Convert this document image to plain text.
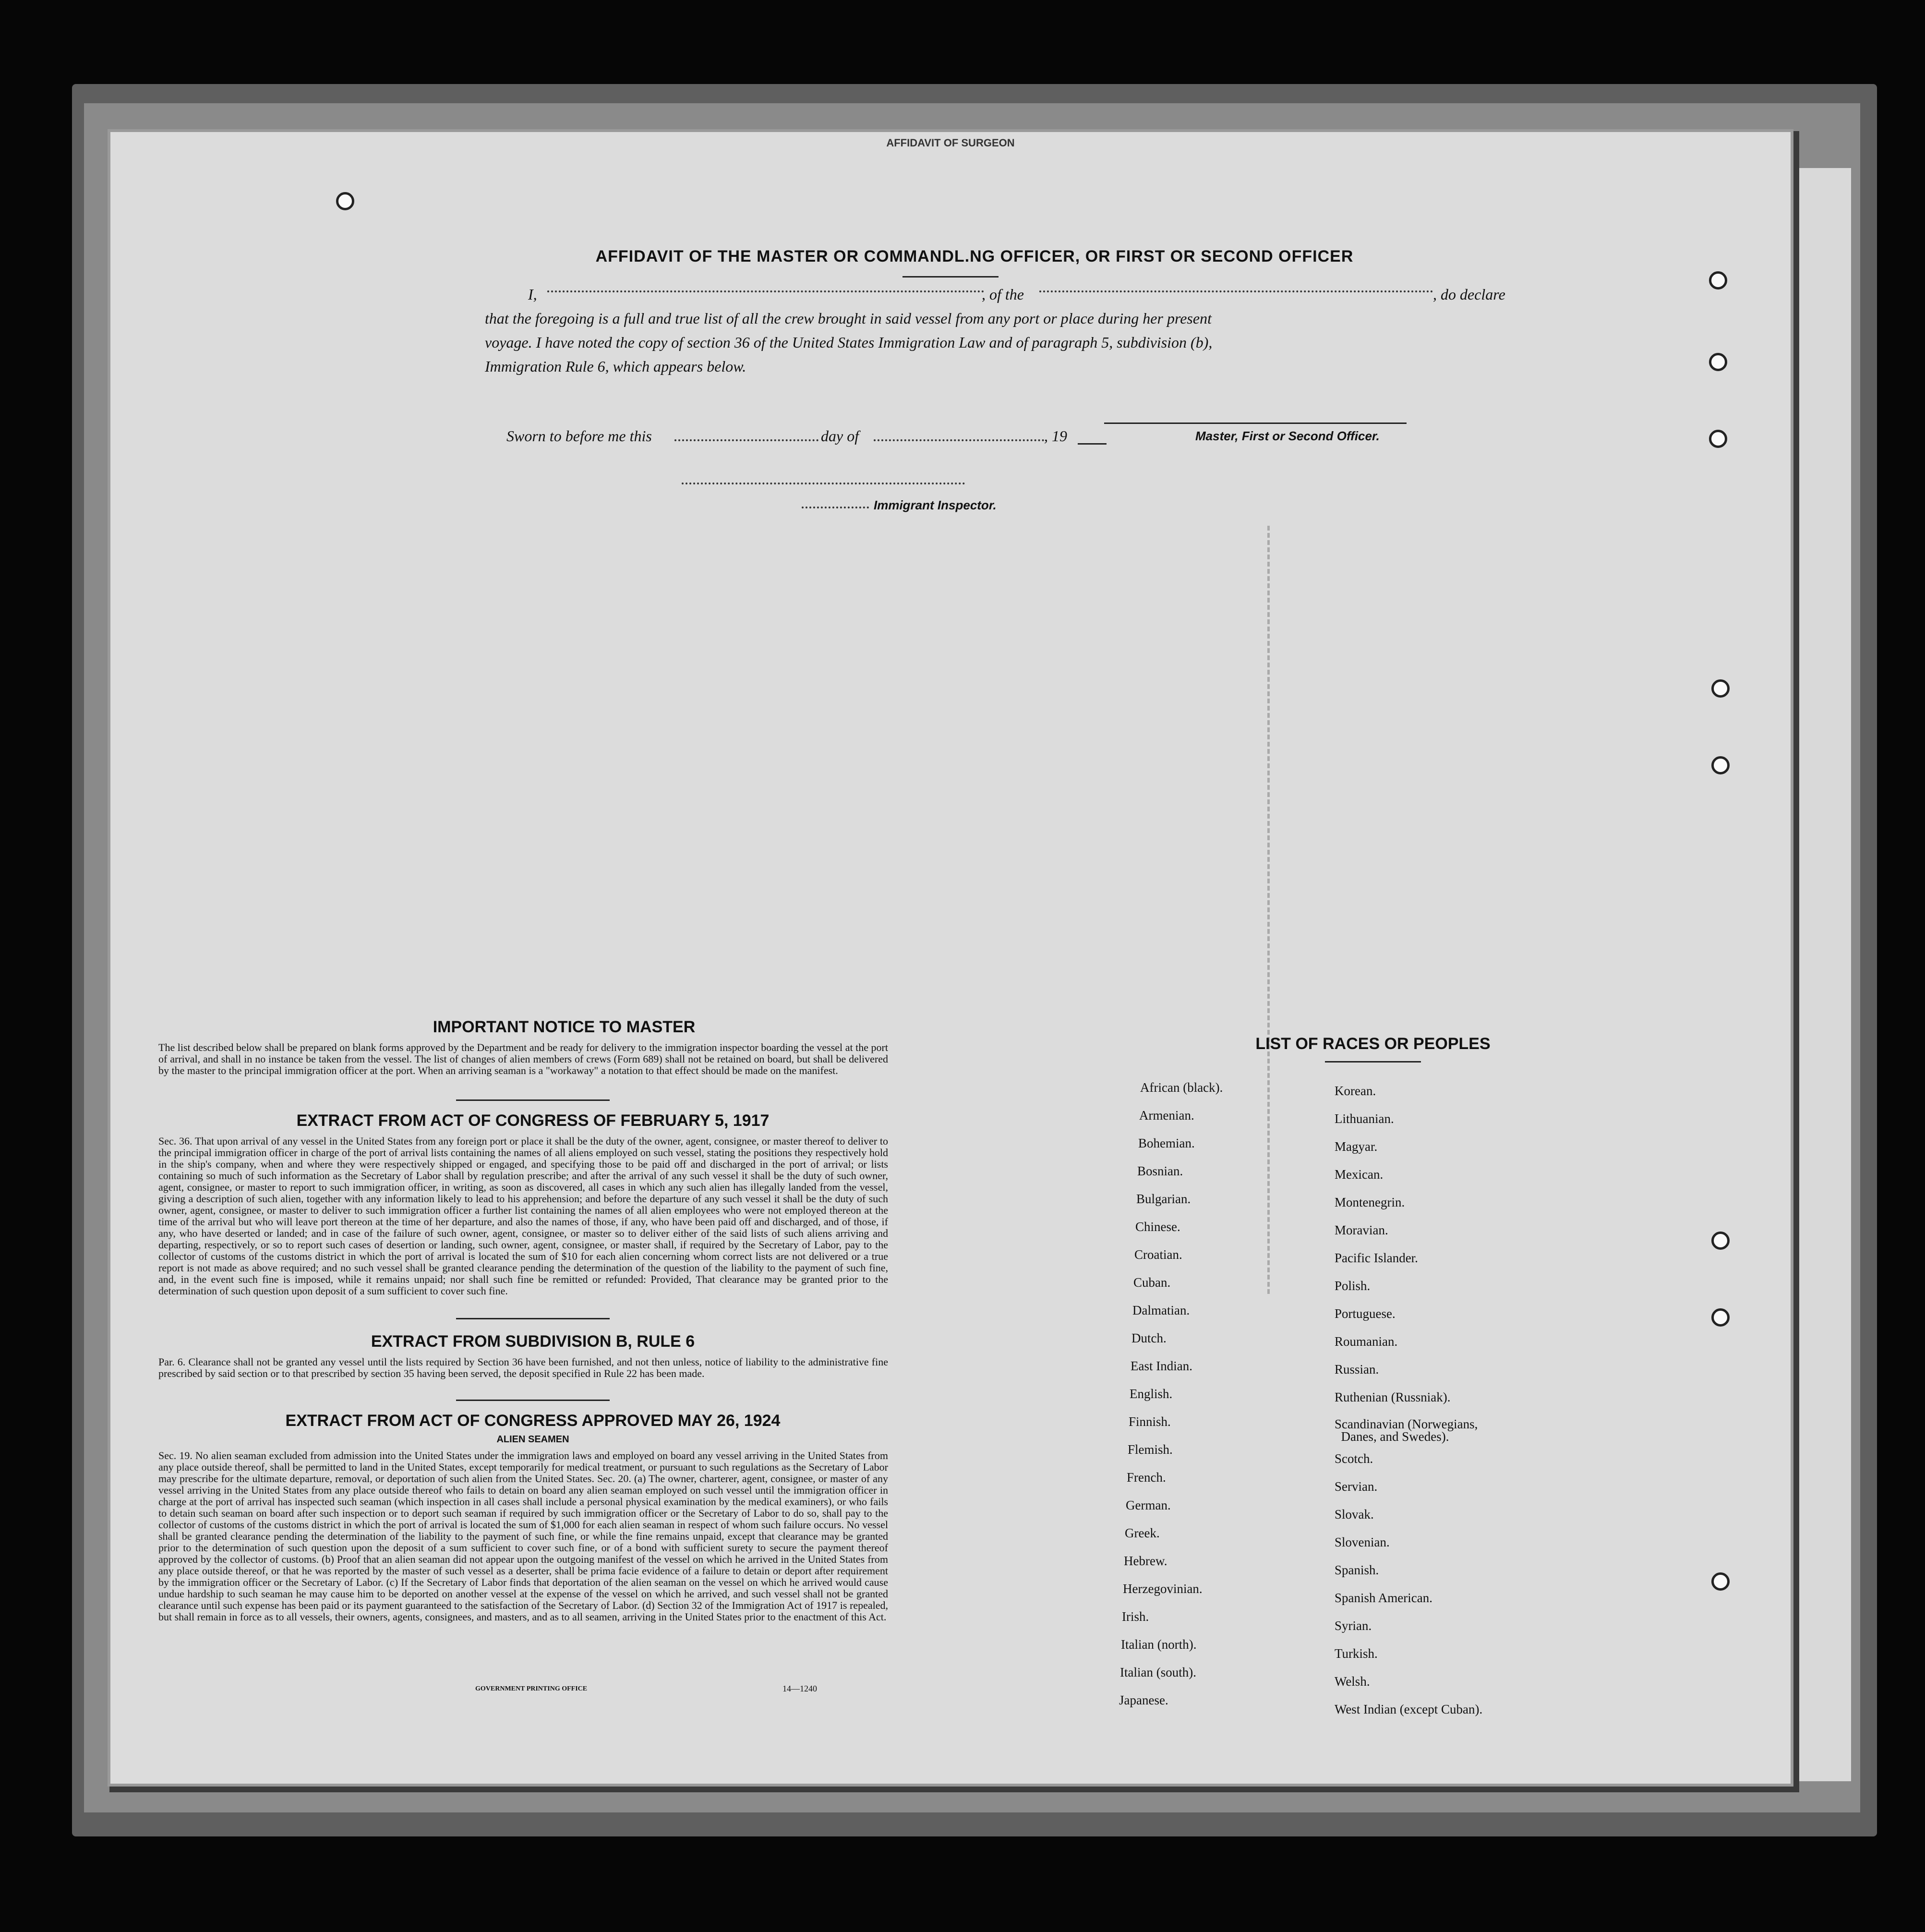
AFFIDAVIT OF SURGEON
AFFIDAVIT OF THE MASTER OR COMMANDL.NG OFFICER, OR FIRST OR SECOND OFFICER
I,	, of the	, do declare
that the foregoing is a full and true list of all the crew brought in said vessel from any port or place during her present
voyage. I have noted the copy of section 36 of the United States Immigration Law and of paragraph 5, subdivision (b),
Immigration Rule 6, which appears below.
Sworn to before me this	day of	, 19	Master, First or Second Officer.
Immigrant Inspector.
IMPORTANT NOTICE TO MASTER
The list described below shall be prepared on blank forms approved by the Department and be ready for delivery to the immigration inspector boarding the vessel at the port of arrival, and shall in no instance be taken from the vessel. The list of changes of alien members of crews (Form 689) shall not be retained on board, but shall be delivered by the master to the principal immigration officer at the port. When an arriving seaman is a "workaway" a notation to that effect should be made on the manifest.
EXTRACT FROM ACT OF CONGRESS OF FEBRUARY 5, 1917
Sec. 36. That upon arrival of any vessel in the United States from any foreign port or place it shall be the duty of the owner, agent, consignee, or master thereof to deliver to the principal immigration officer in charge of the port of arrival lists containing the names of all aliens employed on such vessel, stating the positions they respectively hold in the ship's company, when and where they were respectively shipped or engaged, and specifying those to be paid off and discharged in the port of arrival; or lists containing so much of such information as the Secretary of Labor shall by regulation prescribe; and after the arrival of any such vessel it shall be the duty of such owner, agent, consignee, or master to report to such immigration officer, in writing, as soon as discovered, all cases in which any such alien has illegally landed from the vessel, giving a description of such alien, together with any information likely to lead to his apprehension; and before the departure of any such vessel it shall be the duty of such owner, agent, consignee, or master to deliver to such immigration officer a further list containing the names of all alien employees who were not employed thereon at the time of the arrival but who will leave port thereon at the time of her departure, and also the names of those, if any, who have been paid off and discharged, and of those, if any, who have deserted or landed; and in case of the failure of such owner, agent, consignee, or master so to deliver either of the said lists of such aliens arriving and departing, respectively, or so to report such cases of desertion or landing, such owner, agent, consignee, or master shall, if required by the Secretary of Labor, pay to the collector of customs of the customs district in which the port of arrival is located the sum of $10 for each alien concerning whom correct lists are not delivered or a true report is not made as above required; and no such vessel shall be granted clearance pending the determination of the question of the liability to the payment of such fine, and, in the event such fine is imposed, while it remains unpaid; nor shall such fine be remitted or refunded: Provided, That clearance may be granted prior to the determination of such question upon deposit of a sum sufficient to cover such fine.
EXTRACT FROM SUBDIVISION B, RULE 6
Par. 6. Clearance shall not be granted any vessel until the lists required by Section 36 have been furnished, and not then unless, notice of liability to the administrative fine prescribed by said section or to that prescribed by section 35 having been served, the deposit specified in Rule 22 has been made.
EXTRACT FROM ACT OF CONGRESS APPROVED MAY 26, 1924
ALIEN SEAMEN
Sec. 19. No alien seaman excluded from admission into the United States under the immigration laws and employed on board any vessel arriving in the United States from any place outside thereof, shall be permitted to land in the United States, except temporarily for medical treatment, or pursuant to such regulations as the Secretary of Labor may prescribe for the ultimate departure, removal, or deportation of such alien from the United States. Sec. 20. (a) The owner, charterer, agent, consignee, or master of any vessel arriving in the United States from any place outside thereof who fails to detain on board any alien seaman employed on such vessel until the immigration officer in charge at the port of arrival has inspected such seaman (which inspection in all cases shall include a personal physical examination by the medical examiners), or who fails to detain such seaman on board after such inspection or to deport such seaman if required by such immigration officer or the Secretary of Labor to do so, shall pay to the collector of customs of the customs district in which the port of arrival is located the sum of $1,000 for each alien seaman in respect of whom such failure occurs. No vessel shall be granted clearance pending the determination of the liability to the payment of such fine, or while the fine remains unpaid, except that clearance may be granted prior to the determination of such question upon the deposit of a sum sufficient to cover such fine, or of a bond with sufficient surety to secure the payment thereof approved by the collector of customs. (b) Proof that an alien seaman did not appear upon the outgoing manifest of the vessel on which he arrived in the United States from any place outside thereof, or that he was reported by the master of such vessel as a deserter, shall be prima facie evidence of a failure to detain or deport after requirement by the immigration officer or the Secretary of Labor. (c) If the Secretary of Labor finds that deportation of the alien seaman on the vessel on which he arrived would cause undue hardship to such seaman he may cause him to be deported on another vessel at the expense of the vessel on which he arrived, and such vessel shall not be granted clearance until such expense has been paid or its payment guaranteed to the satisfaction of the Secretary of Labor. (d) Section 32 of the Immigration Act of 1917 is repealed, but shall remain in force as to all vessels, their owners, agents, consignees, and masters, and as to all seamen, arriving in the United States prior to the enactment of this Act.
GOVERNMENT PRINTING OFFICE	14—1240
LIST OF RACES OR PEOPLES
African (black).
Armenian.
Bohemian.
Bosnian.
Bulgarian.
Chinese.
Croatian.
Cuban.
Dalmatian.
Dutch.
East Indian.
English.
Finnish.
Flemish.
French.
German.
Greek.
Hebrew.
Herzegovinian.
Irish.
Italian (north).
Italian (south).
Japanese.
Korean.
Lithuanian.
Magyar.
Mexican.
Montenegrin.
Moravian.
Pacific Islander.
Polish.
Portuguese.
Roumanian.
Russian.
Ruthenian (Russniak).
Scandinavian (Norwegians,
Danes, and Swedes).
Scotch.
Servian.
Slovak.
Slovenian.
Spanish.
Spanish American.
Syrian.
Turkish.
Welsh.
West Indian (except Cuban).
